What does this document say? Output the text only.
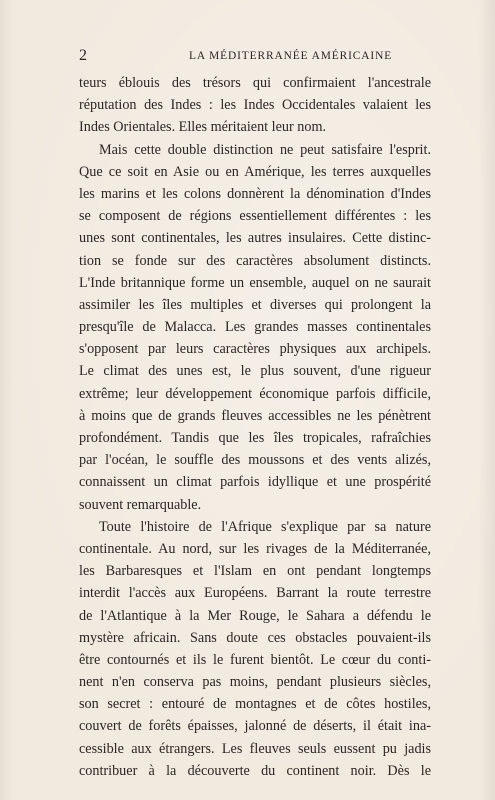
2	LA MÉDITERRANÉE AMÉRICAINE
teurs éblouis des trésors qui confirmaient l'ancestrale
réputation des Indes : les Indes Occidentales valaient les
Indes Orientales. Elles méritaient leur nom.
Mais cette double distinction ne peut satisfaire l'esprit.
Que ce soit en Asie ou en Amérique, les terres auxquelles
les marins et les colons donnèrent la dénomination d'Indes
se composent de régions essentiellement différentes : les
unes sont continentales, les autres insulaires. Cette distinc-
tion se fonde sur des caractères absolument distincts.
L'Inde britannique forme un ensemble, auquel on ne saurait
assimiler les îles multiples et diverses qui prolongent la
presqu'île de Malacca. Les grandes masses continentales
s'opposent par leurs caractères physiques aux archipels.
Le climat des unes est, le plus souvent, d'une rigueur
extrême; leur développement économique parfois difficile,
à moins que de grands fleuves accessibles ne les pénètrent
profondément. Tandis que les îles tropicales, rafraîchies
par l'océan, le souffle des moussons et des vents alizés,
connaissent un climat parfois idyllique et une prospérité
souvent remarquable.
Toute l'histoire de l'Afrique s'explique par sa nature
continentale. Au nord, sur les rivages de la Méditerranée,
les Barbaresques et l'Islam en ont pendant longtemps
interdit l'accès aux Européens. Barrant la route terrestre
de l'Atlantique à la Mer Rouge, le Sahara a défendu le
mystère africain. Sans doute ces obstacles pouvaient-ils
être contournés et ils le furent bientôt. Le cœur du conti-
nent n'en conserva pas moins, pendant plusieurs siècles,
son secret : entouré de montagnes et de côtes hostiles,
couvert de forêts épaisses, jalonné de déserts, il était ina-
cessible aux étrangers. Les fleuves seuls eussent pu jadis
contribuer à la découverte du continent noir. Dès le
